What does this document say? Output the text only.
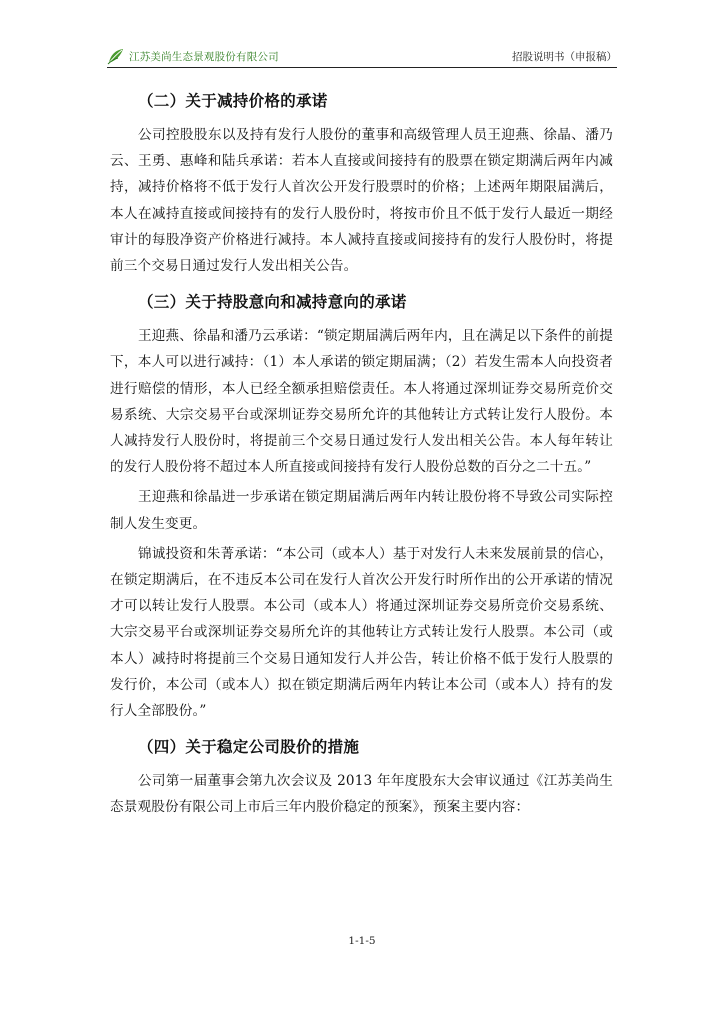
江苏美尚生态景观股份有限公司	招股说明书（申报稿）
（二）关于减持价格的承诺

公司控股股东以及持有发行人股份的董事和高级管理人员王迎燕、徐晶、潘乃云、王勇、惠峰和陆兵承诺：若本人直接或间接持有的股票在锁定期满后两年内减持，减持价格将不低于发行人首次公开发行股票时的价格；上述两年期限届满后，本人在减持直接或间接持有的发行人股份时，将按市价且不低于发行人最近一期经审计的每股净资产价格进行减持。本人减持直接或间接持有的发行人股份时，将提前三个交易日通过发行人发出相关公告。

（三）关于持股意向和减持意向的承诺

王迎燕、徐晶和潘乃云承诺：“锁定期届满后两年内，且在满足以下条件的前提下，本人可以进行减持：（1）本人承诺的锁定期届满；（2）若发生需本人向投资者进行赔偿的情形，本人已经全额承担赔偿责任。本人将通过深圳证券交易所竞价交易系统、大宗交易平台或深圳证券交易所允许的其他转让方式转让发行人股份。本人减持发行人股份时，将提前三个交易日通过发行人发出相关公告。本人每年转让的发行人股份将不超过本人所直接或间接持有发行人股份总数的百分之二十五。”

王迎燕和徐晶进一步承诺在锁定期届满后两年内转让股份将不导致公司实际控制人发生变更。

锦诚投资和朱菁承诺：“本公司（或本人）基于对发行人未来发展前景的信心，在锁定期满后，在不违反本公司在发行人首次公开发行时所作出的公开承诺的情况才可以转让发行人股票。本公司（或本人）将通过深圳证券交易所竞价交易系统、大宗交易平台或深圳证券交易所允许的其他转让方式转让发行人股票。本公司（或本人）减持时将提前三个交易日通知发行人并公告，转让价格不低于发行人股票的发行价，本公司（或本人）拟在锁定期满后两年内转让本公司（或本人）持有的发行人全部股份。”

（四）关于稳定公司股价的措施

公司第一届董事会第九次会议及 2013 年年度股东大会审议通过《江苏美尚生态景观股份有限公司上市后三年内股价稳定的预案》，预案主要内容：

1-1-5
